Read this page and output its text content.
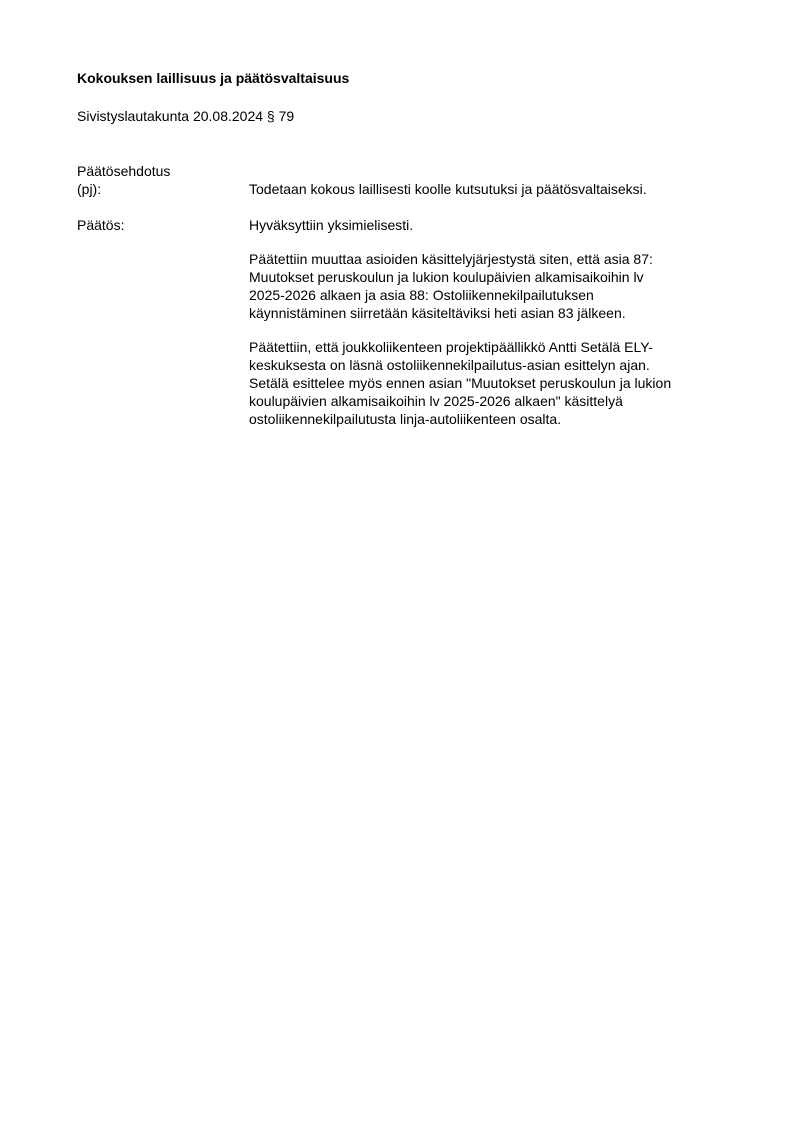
Kokouksen laillisuus ja päätösvaltaisuus
Sivistyslautakunta 20.08.2024 § 79
Päätösehdotus
(pj):	Todetaan kokous laillisesti koolle kutsutuksi ja päätösvaltaiseksi.
Päätös:	Hyväksyttiin yksimielisesti.

Päätettiin muuttaa asioiden käsittelyjärjestystä siten, että asia 87:
Muutokset peruskoulun ja lukion koulupäivien alkamisaikoihin lv
2025-2026 alkaen ja asia 88: Ostoliikennekilpailutuksen
käynnistäminen siirretään käsiteltäviksi heti asian 83 jälkeen.

Päätettiin, että joukkoliikenteen projektipäällikkö Antti Setälä ELY-
keskuksesta on läsnä ostoliikennekilpailutus-asian esittelyn ajan.
Setälä esittelee myös ennen asian "Muutokset peruskoulun ja lukion
koulupäivien alkamisaikoihin lv 2025-2026 alkaen" käsittelyä
ostoliikennekilpailutusta linja-autoliikenteen osalta.
